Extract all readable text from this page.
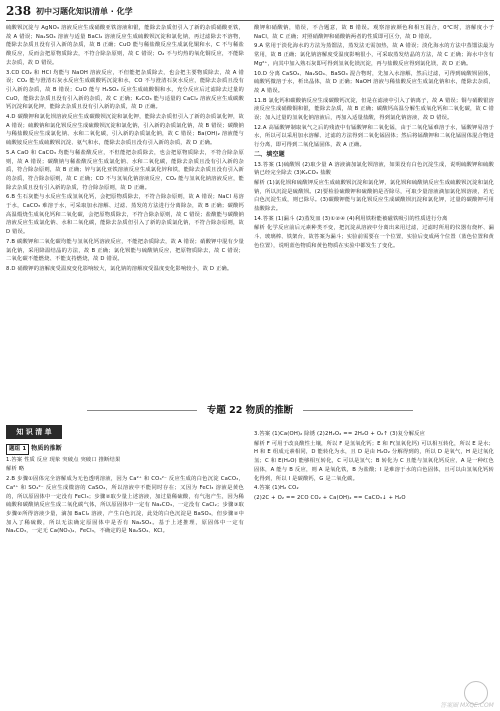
238 初中习题化知识清单 · 化学

硫酸钡沉淀与 AgNO₃ 溶液反应生成硝酸亚铁溶液和银，能除去杂质但引入了新的杂质硝酸亚铁，故 A 错误；Na₂SO₄ 溶液与适量 BaCl₂ 溶液反应生成硫酸钡沉淀和氯化钠，再过滤除去不溶物，能除去杂质且没有引入新的杂质，故 B 正确；CuO 能与稀盐酸反应生成氯化铜和水，C 不与稀盐酸反应，反而会把原物质除去，不符合除杂原则，故 C 错误；O₂ 不与灼热的氧化铜反应，不能除去杂质，故 D 错误。

3.CD CO₂ 和 HCl 均能与 NaOH 溶液反应，不但能把杂质除去，也会把主要物质除去，故 A 错误；CO₂ 能与澄清石灰水反应生成碳酸钙沉淀和水，CO 不与澄清石灰水反应，能除去杂质且没有引入新的杂质，故 B 错误；CuO 能与 H₂SO₄ 反应生成硫酸铜和水，充分反应后过滤除去过量的 CuO，能除去杂质且没有引入新的杂质，故 C 正确；K₂CO₃ 能与适量的 CaCl₂ 溶液反应生成碳酸钙沉淀和氯化钾，能除去杂质且没有引入新的杂质，故 D 正确。

4.D 碳酸钾和氯化钡溶液反应生成碳酸钡沉淀和氯化钾，能除去杂质但引入了新的杂质氯化钾，故 A 错误；硫酸钠和氯化钡反应生成硫酸钡沉淀和氯化钠，引入新的杂质氯化钠，故 B 错误；碳酸钠与稀盐酸反应生成氯化钠、水和二氧化碳，引入新的杂质氯化钠，故 C 错误；Ba(OH)₂ 溶液能与硫酸铵反应生成硫酸钡沉淀、氨气和水，能除去杂质且没有引入新的杂质，故 D 正确。

5.A CaO 和 CaCO₃ 均能与稀盐酸反应，不但能把杂质除去，也会把原物质除去，不符合除杂原则，故 A 错误；碳酸钠与稀盐酸反应生成氯化钠、水和二氧化碳，能除去杂质且没有引入新的杂质，符合除杂原则，故 B 正确；锌与氯化亚铁溶液反应生成氯化锌和铁，能除去杂质且没有引入新的杂质，符合除杂原则，故 C 正确；CO 不与氢氧化钠溶液反应，CO₂ 能与氢氧化钠溶液反应，能除去杂质且没有引入新的杂质，符合除杂原则，故 D 正确。

6.B 生石灰能与水反应生成氢氧化钙，会把原物质除去，不符合除杂原则，故 A 错误；NaCl 易溶于水，CaCO₃ 难溶于水，可采取加水溶解、过滤、蒸发的方法进行分离除杂，故 B 正确；碳酸钙高温煅烧生成氧化钙和二氧化碳，会把原物质除去，不符合除杂原则，故 C 错误；盐酸能与碳酸钠溶液反应生成氯化钠、水和二氧化碳，能除去杂质但引入了新的杂质氯化钠，不符合除杂原则，故 D 错误。

7.B 碳酸钾和二氧化碳均能与氢氧化钙溶液反应，不能把杂质除去，故 A 错误；硝酸钾中混有少量氯化钠，采用降温结晶的方法，故 B 正确；氯化钡能与硫酸钠反应，把原物质除去，故 C 错误；二氧化碳不能燃烧、不能支持燃烧，故 D 错误。

8.D 硝酸钾的溶解度受温度变化影响较大，氯化钠的溶解度受温度变化影响较小，故 D 正确。

酸钾和硝酸钠，错误，不合题意，故 B 错误。观察溶液颜色和相互混合，0℃时，溶解度小于 NaCl，故 C 正确；对照硝酸钾和硝酸钠两者的性质即可区分，故 D 错误。

9.A 常用于淡化海水的方法为蒸馏法，蒸发法无需加热，故 A 错误；淡化海水的方法中蒸馏法最为常用，故 B 正确；氯化钠溶解度受温度影响很小，可采取蒸发结晶的方法，故 C 正确；海水中含有 Mg²⁺，向其中加入熟石灰即可得到氢氧化镁沉淀，再与盐酸反应得到氯化镁，故 D 正确。

10.D 分离 CaSO₄、Na₂SO₄、BaSO₄ 混合物时，先加入水溶解，然后过滤，可得到硫酸钡固体，硫酸钙微溶于水，析出晶体，故 D 正确；NaOH 溶液与稀盐酸反应生成氯化钠和水，能除去杂质，故 A 错误。

11.B 氯化钙和碳酸钠反应生成碳酸钙沉淀，但是在滤液中引入了钠离子，故 A 错误；铜与硝酸银溶液反应生成硝酸铜和银，能除去杂质，故 B 正确；碳酸钙高温分解生成氧化钙和二氧化碳，故 C 错误；加入过量的氢氧化钠溶液后，再加入适量盐酸，得到氯化钠溶液，故 D 错误。

12.A 高锰酸钾制取氧气之后的残渣中有锰酸钾和二氧化锰，由于二氧化锰难溶于水，锰酸钾易溶于水，所以可以采用加水溶解、过滤的方法得到二氧化锰固体；然后将锰酸钾和二氧化锰固体混合物进行分离，即可得到二氧化锰固体，故 A 正确。

二、填空题

13.答案 (1)硫酸钡 (2)取少量 A 溶液滴加氯化钡溶液，如果没有白色沉淀生成，说明硫酸钾和硫酸钠已经完全除去 (3)K₂CO₃ 盐酸

解析 (1)氯化钡和硫酸钾反应生成硫酸钡沉淀和氯化钾，氯化钡和硫酸钠反应生成硫酸钡沉淀和氯化钠，所以沉淀是硫酸钡。(2)要检验硫酸钾和硫酸钠是否除尽，可取少量溶液滴加氯化钡溶液，若无白色沉淀生成，则已除尽。(3)碳酸钾能与氯化钡反应生成碳酸钡沉淀和氯化钾，过量的碳酸钾可用盐酸除去。

14.答案 (1)漏斗 (2)蒸发皿 (3)①②④ (4)利用铁粉能被磁铁吸引的性质进行分离

解析 化学反应前后元素种类不变，把沉淀从溶液中分离出来用过滤，过滤时所用的仪器有烧杯、漏斗、玻璃棒、铁架台，故答案为漏斗；实验前需要在一个位置，实验后变成两个位置（蓝色位置和黄色位置），说明蓝色物质和黄色物质在实验中都发生了变化。

专题 22 物质的推断
知 识 清 单

题组 1 物质的推断

1.答案 性质 反应 现象 突破点 突破口 推断结果

解析 略

2.B 步骤①固体完全溶解成为无色透明溶液，因为 Ca²⁺ 和 CO₃²⁻ 反应生成的白色沉淀 CaCO₃，Ca²⁺ 和 SO₄²⁻ 反应生成微溶的 CaSO₄，所以溶液中不能同时存在；又因为 FeCl₃ 溶液是黄色的，所以原固体中一定没有 FeCl₃；步骤②取少量上述溶液，加过量稀硫酸，有气泡产生，因为稀硫酸和碳酸钠反应生成二氧化碳气体，所以原固体中一定有 Na₂CO₃，一定没有 CaCl₂；步骤③取步骤②所得溶液少量，滴加 BaCl₂ 溶液，产生白色沉淀，此处的白色沉淀是 BaSO₄，但步骤②中加入了稀硫酸，所以无法确定原固体中是否有 Na₂SO₄。基于上述推理，原固体中一定有 Na₂CO₃，一定无 Ca(NO₃)₂、FeCl₃，不确定的是 Na₂SO₄、KCl。

3.答案 (1)Ca(OH)₂ 除锈 (2)2H₂O₂ == 2H₂O + O₂↑ (3)复分解反应

解析 F 可用于改良酸性土壤，所以 F 是氢氧化钙；E 和 F(氢氧化钙) 可以相互转化，所以 E 是水；H 和 E 组成元素相同，D 能转化为水，且 D 是由 H₂O₂ 分解得到的，所以 D 是氧气，H 是过氧化氢；C 和 E(H₂O) 能够相互转化，C 可以是氢气；B 转化为 C 且能与氢氧化钙反应，A 是一种红色固体，A 能与 B 反应，则 A 是氧化铁，B 为盐酸；I 是难溶于水的白色固体，且可以由氢氧化钙转化得到，所以 I 是碳酸钙，G 是二氧化碳。

4.答案 (1)H₂ CO₂

(2)2C + O₂ == 2CO CO₂ + Ca(OH)₂ == CaCO₃↓ + H₂O

答案圈 MXQE.COM
